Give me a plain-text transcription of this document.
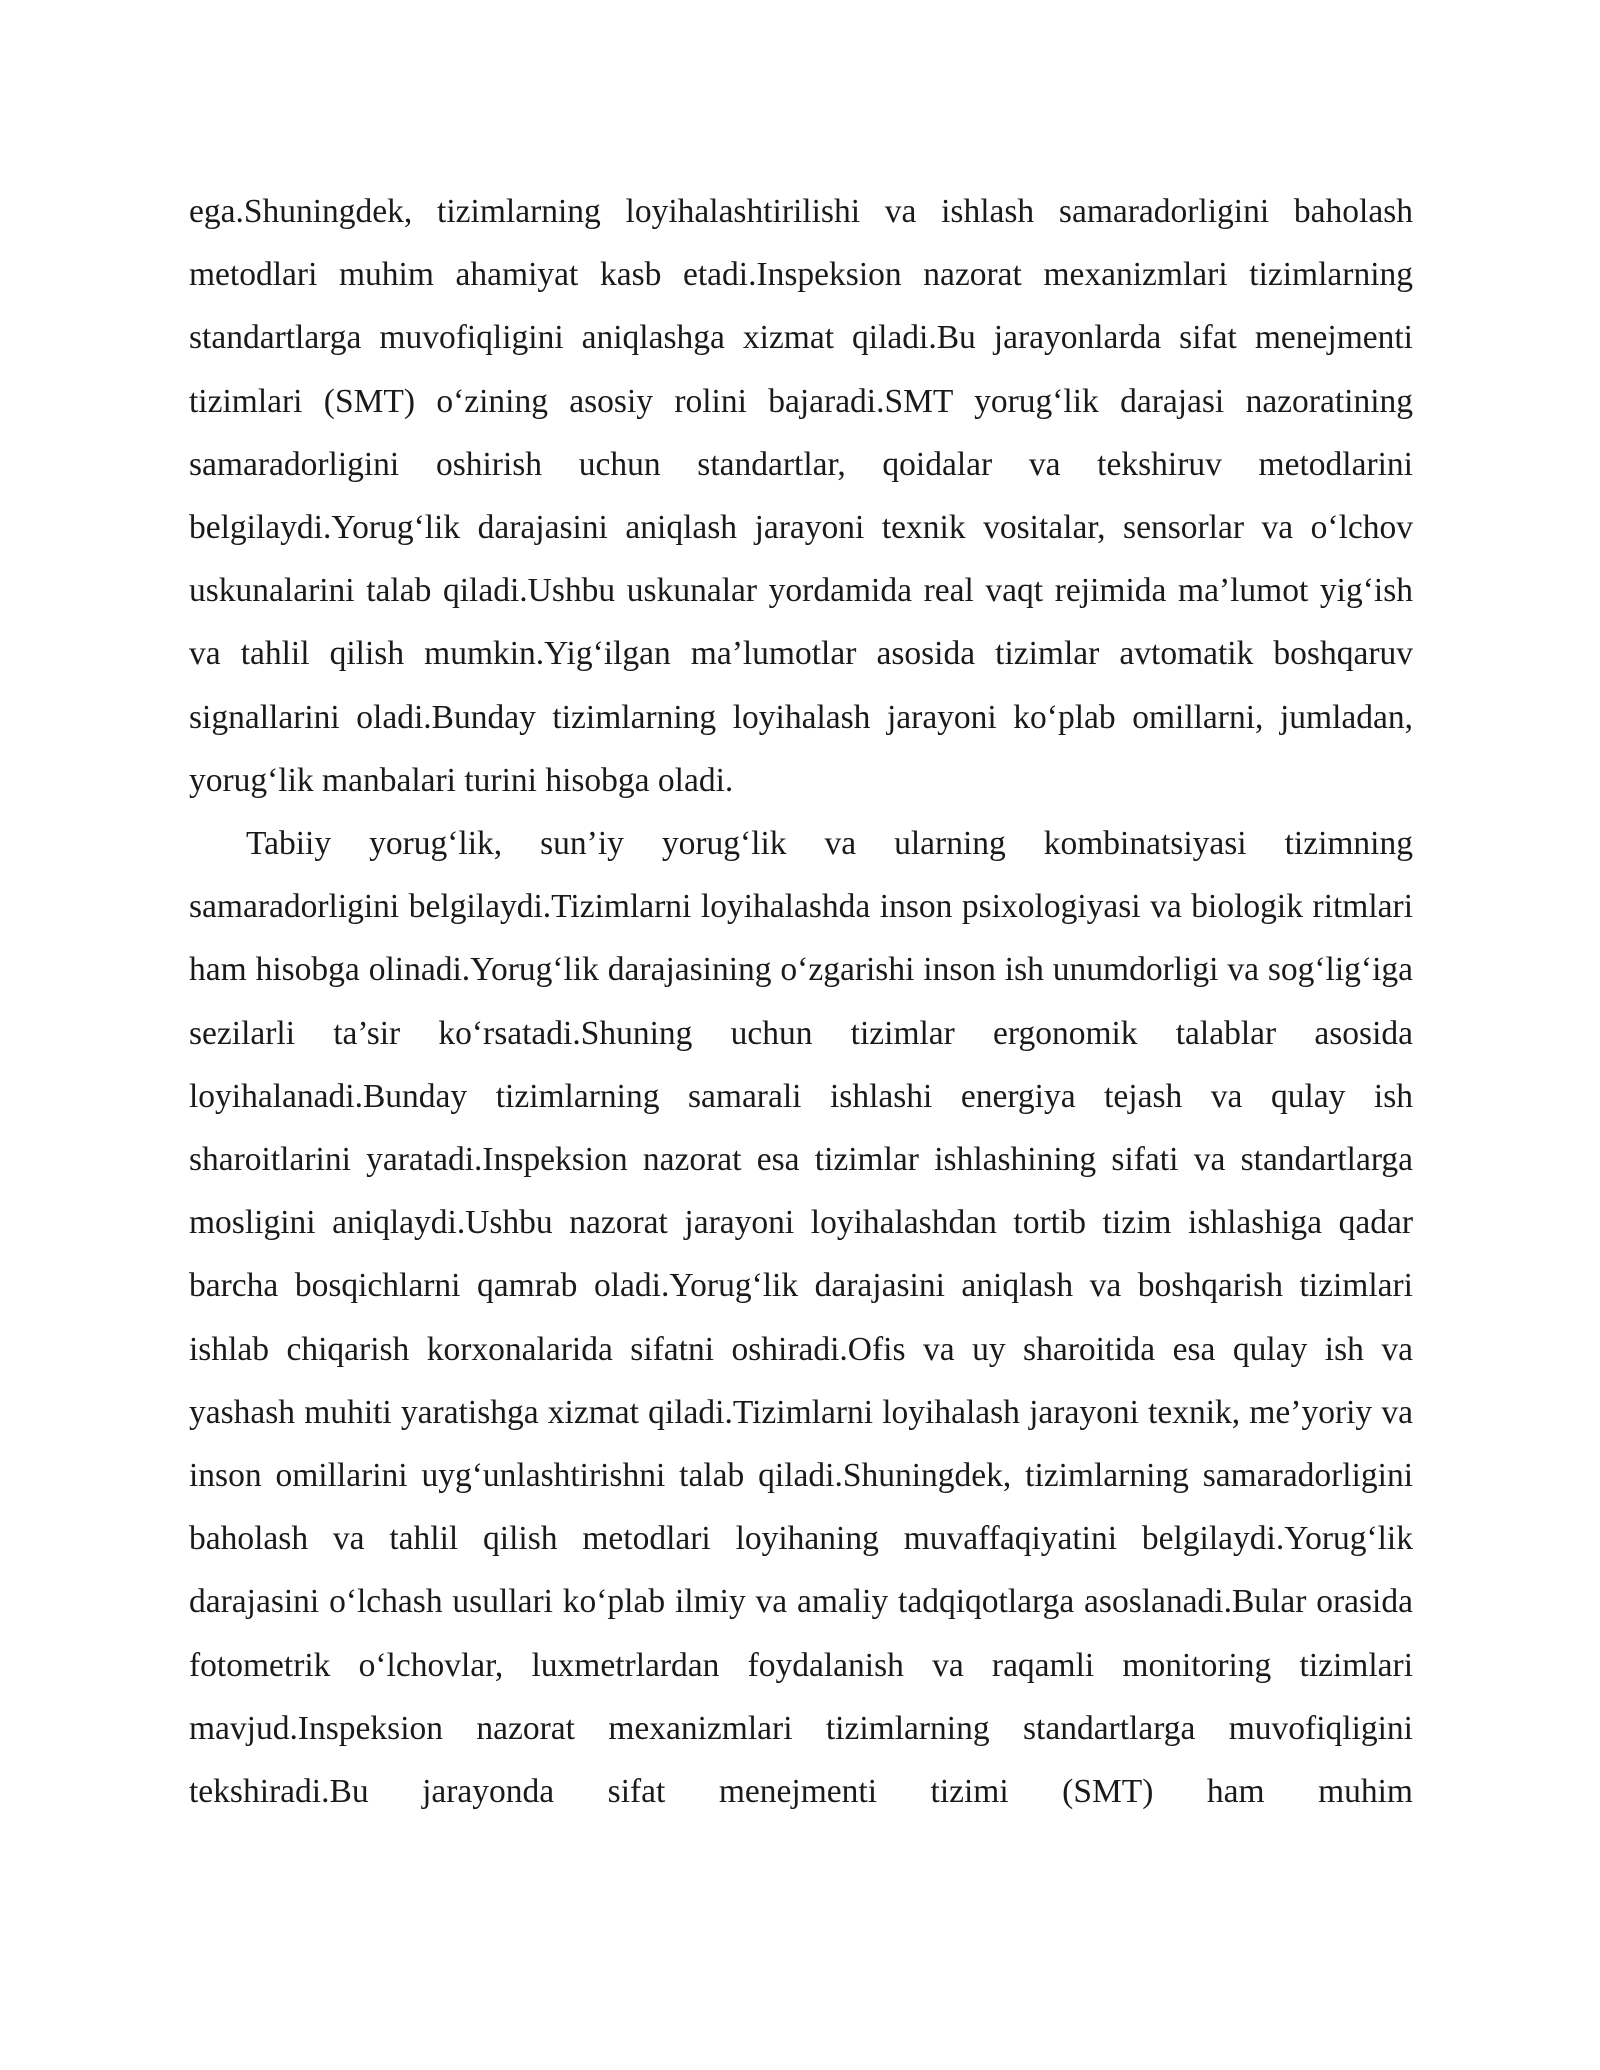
ega.Shuningdek, tizimlarning loyihalashtirilishi va ishlash samaradorligini baholash metodlari muhim ahamiyat kasb etadi.Inspeksion nazorat mexanizmlari tizimlarning standartlarga muvofiqligini aniqlashga xizmat qiladi.Bu jarayonlarda sifat menejmenti tizimlari (SMT) o‘zining asosiy rolini bajaradi.SMT yorug‘lik darajasi nazoratining samaradorligini oshirish uchun standartlar, qoidalar va tekshiruv metodlarini belgilaydi.Yorug‘lik darajasini aniqlash jarayoni texnik vositalar, sensorlar va o‘lchov uskunalarini talab qiladi.Ushbu uskunalar yordamida real vaqt rejimida ma’lumot yig‘ish va tahlil qilish mumkin.Yig‘ilgan ma’lumotlar asosida tizimlar avtomatik boshqaruv signallarini oladi.Bunday tizimlarning loyihalash jarayoni ko‘plab omillarni, jumladan, yorug‘lik manbalari turini hisobga oladi.

Tabiiy yorug‘lik, sun’iy yorug‘lik va ularning kombinatsiyasi tizimning samaradorligini belgilaydi.Tizimlarni loyihalashda inson psixologiyasi va biologik ritmlari ham hisobga olinadi.Yorug‘lik darajasining o‘zgarishi inson ish unumdorligi va sog‘lig‘iga sezilarli ta’sir ko‘rsatadi.Shuning uchun tizimlar ergonomik talablar asosida loyihalanadi.Bunday tizimlarning samarali ishlashi energiya tejash va qulay ish sharoitlarini yaratadi.Inspeksion nazorat esa tizimlar ishlashining sifati va standartlarga mosligini aniqlaydi.Ushbu nazorat jarayoni loyihalashdan tortib tizim ishlashiga qadar barcha bosqichlarni qamrab oladi.Yorug‘lik darajasini aniqlash va boshqarish tizimlari ishlab chiqarish korxonalarida sifatni oshiradi.Ofis va uy sharoitida esa qulay ish va yashash muhiti yaratishga xizmat qiladi.Tizimlarni loyihalash jarayoni texnik, me’yoriy va inson omillarini uyg‘unlashtirishni talab qiladi.Shuningdek, tizimlarning samaradorligini baholash va tahlil qilish metodlari loyihaning muvaffaqiyatini belgilaydi.Yorug‘lik darajasini o‘lchash usullari ko‘plab ilmiy va amaliy tadqiqotlarga asoslanadi.Bular orasida fotometrik o‘lchovlar, luxmetrlardan foydalanish va raqamli monitoring tizimlari mavjud.Inspeksion nazorat mexanizmlari tizimlarning standartlarga muvofiqligini tekshiradi.Bu jarayonda sifat menejmenti tizimi (SMT) ham muhim
